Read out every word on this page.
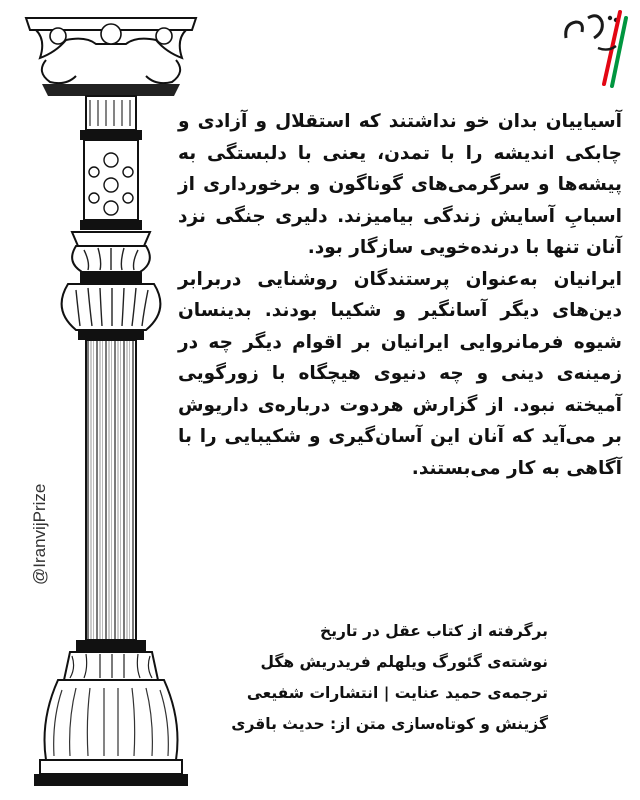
@IranvijPrize

آسیاییان بدان خو نداشتند که استقلال و آزادی و چابکی اندیشه را با تمدن، یعنی با دلبستگی به پیشه‌ها و سرگرمی‌های گوناگون و برخورداری از اسبابِ آسایش زندگی بیامیزند. دلیری جنگی نزد آنان تنها با درنده‌خویی سازگار بود.

ایرانیان به‌عنوان پرستندگان روشنایی دربرابر دین‌های دیگر آسانگیر و شکیبا بودند. بدینسان شیوه فرمانروایی ایرانیان بر اقوام دیگر چه در زمینه‌ی دینی و چه دنیوی هیچگاه با زورگویی آمیخته نبود. از گزارش هردوت درباره‌ی داریوش بر می‌آید که آنان این آسان‌گیری و شکیبایی را با آگاهی به کار می‌بستند.

برگرفته از کتاب عقل در تاریخ
نوشته‌ی گئورگ ویلهلم فریدریش هگل
ترجمه‌ی حمید عنایت | انتشارات شفیعی
گزینش و کوتاه‌سازی متن از: حدیث باقری
